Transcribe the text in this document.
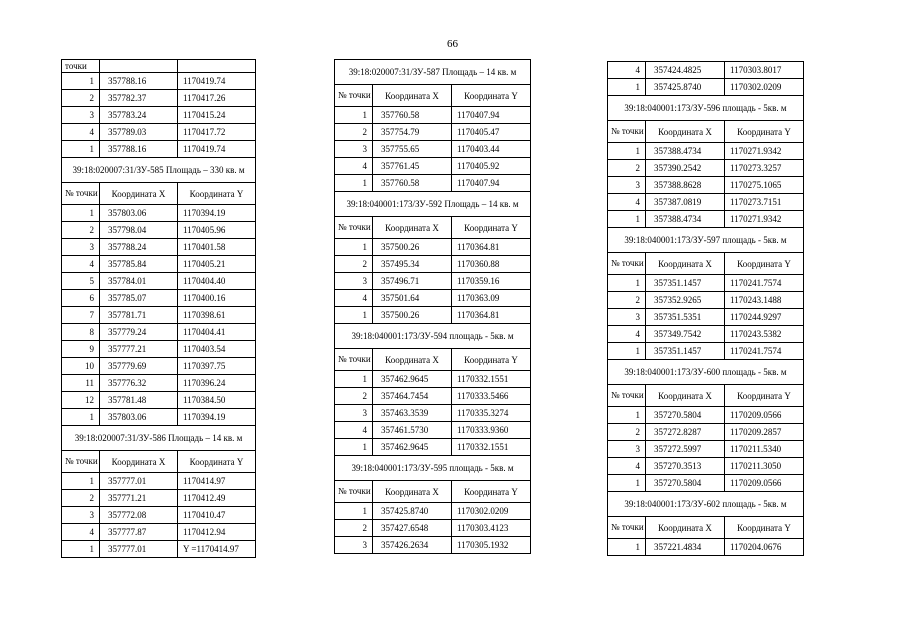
66
точки		
1	357788.16	1170419.74
2	357782.37	1170417.26
3	357783.24	1170415.24
4	357789.03	1170417.72
1	357788.16	1170419.74
39:18:020007:31/ЗУ-585 Площадь – 330 кв. м		
№ точки	Координата X	Координата Y
1	357803.06	1170394.19
2	357798.04	1170405.96
3	357788.24	1170401.58
4	357785.84	1170405.21
5	357784.01	1170404.40
6	357785.07	1170400.16
7	357781.71	1170398.61
8	357779.24	1170404.41
9	357777.21	1170403.54
10	357779.69	1170397.75
11	357776.32	1170396.24
12	357781.48	1170384.50
1	357803.06	1170394.19
39:18:020007:31/ЗУ-586 Площадь – 14 кв. м		
№ точки	Координата X	Координата Y
1	357777.01	1170414.97
2	357771.21	1170412.49
3	357772.08	1170410.47
4	357777.87	1170412.94
1	357777.01	Y =1170414.97
39:18:020007:31/ЗУ-587 Площадь – 14 кв. м		
№ точки	Координата X	Координата Y
1	357760.58	1170407.94
2	357754.79	1170405.47
3	357755.65	1170403.44
4	357761.45	1170405.92
1	357760.58	1170407.94
39:18:040001:173/ЗУ-592 Площадь – 14 кв. м		
№ точки	Координата X	Координата Y
1	357500.26	1170364.81
2	357495.34	1170360.88
3	357496.71	1170359.16
4	357501.64	1170363.09
1	357500.26	1170364.81
39:18:040001:173/ЗУ-594 площадь - 5кв. м		
№ точки	Координата X	Координата Y
1	357462.9645	1170332.1551
2	357464.7454	1170333.5466
3	357463.3539	1170335.3274
4	357461.5730	1170333.9360
1	357462.9645	1170332.1551
39:18:040001:173/ЗУ-595 площадь - 5кв. м		
№ точки	Координата X	Координата Y
1	357425.8740	1170302.0209
2	357427.6548	1170303.4123
3	357426.2634	1170305.1932
4	357424.4825	1170303.8017
1	357425.8740	1170302.0209
39:18:040001:173/ЗУ-596 площадь - 5кв. м		
№ точки	Координата X	Координата Y
1	357388.4734	1170271.9342
2	357390.2542	1170273.3257
3	357388.8628	1170275.1065
4	357387.0819	1170273.7151
1	357388.4734	1170271.9342
39:18:040001:173/ЗУ-597 площадь - 5кв. м		
№ точки	Координата X	Координата Y
1	357351.1457	1170241.7574
2	357352.9265	1170243.1488
3	357351.5351	1170244.9297
4	357349.7542	1170243.5382
1	357351.1457	1170241.7574
39:18:040001:173/ЗУ-600 площадь - 5кв. м		
№ точки	Координата X	Координата Y
1	357270.5804	1170209.0566
2	357272.8287	1170209.2857
3	357272.5997	1170211.5340
4	357270.3513	1170211.3050
1	357270.5804	1170209.0566
39:18:040001:173/ЗУ-602 площадь - 5кв. м		
№ точки	Координата X	Координата Y
1	357221.4834	1170204.0676
